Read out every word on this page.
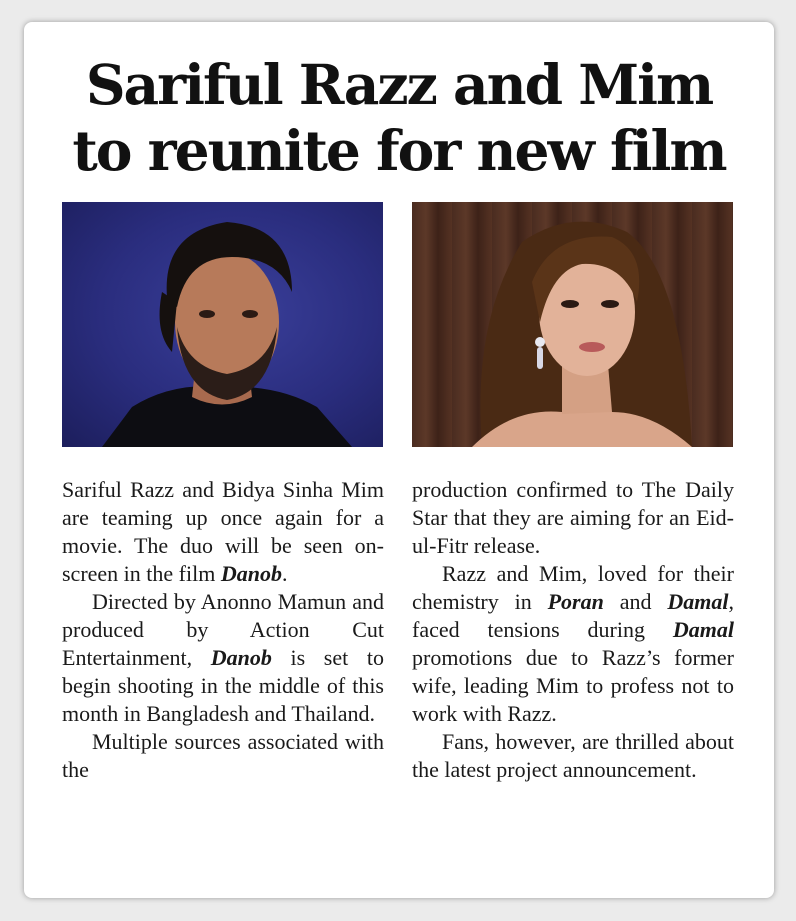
Sariful Razz and Mim
to reunite for new film

Sariful Razz and Bidya Sinha Mim are teaming up once again for a movie. The duo will be seen on-screen in the film Danob.

Directed by Anonno Mamun and produced by Action Cut Entertainment, Danob is set to begin shooting in the middle of this month in Bangladesh and Thailand.

Multiple sources associated with the

production confirmed to The Daily Star that they are aiming for an Eid-ul-Fitr release.

Razz and Mim, loved for their chemistry in Poran and Damal, faced tensions during Damal promotions due to Razz’s former wife, leading Mim to profess not to work with Razz.

Fans, however, are thrilled about the latest project announcement.
